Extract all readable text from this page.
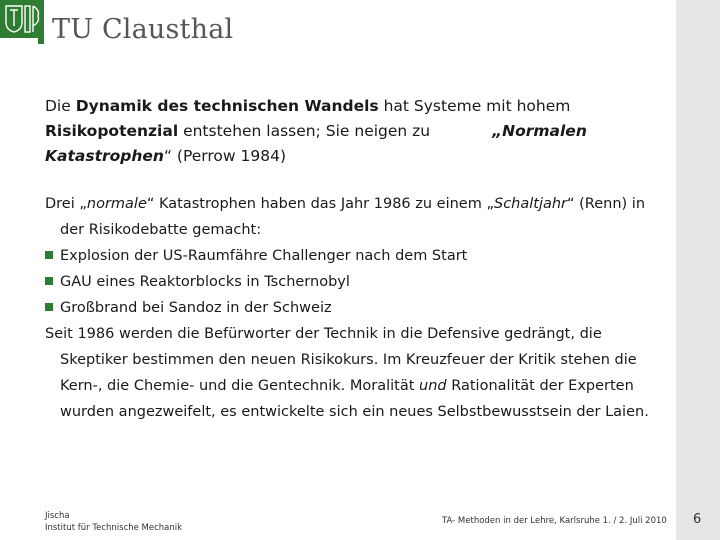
TU Clausthal
Die Dynamik des technischen Wandels hat Systeme mit hohem
Risikopotenzial entstehen lassen; Sie neigen zu	„Normalen Katastrophen“ (Perrow 1984)
Drei „normale“ Katastrophen haben das Jahr 1986 zu einem „Schaltjahr“ (Renn) in
der Risikodebatte gemacht:
Explosion der US-Raumfähre Challenger nach dem Start
GAU eines Reaktorblocks in Tschernobyl
Großbrand bei Sandoz in der Schweiz
Seit 1986 werden die Befürworter der Technik in die Defensive gedrängt, die
Skeptiker bestimmen den neuen Risikokurs. Im Kreuzfeuer der Kritik stehen die
Kern-, die Chemie- und die Gentechnik. Moralität und Rationalität der Experten
wurden angezweifelt, es entwickelte sich ein neues Selbstbewusstsein der Laien.
Jischa
Institut für Technische Mechanik
TA- Methoden in der Lehre, Karlsruhe 1. / 2. Juli 2010 6
